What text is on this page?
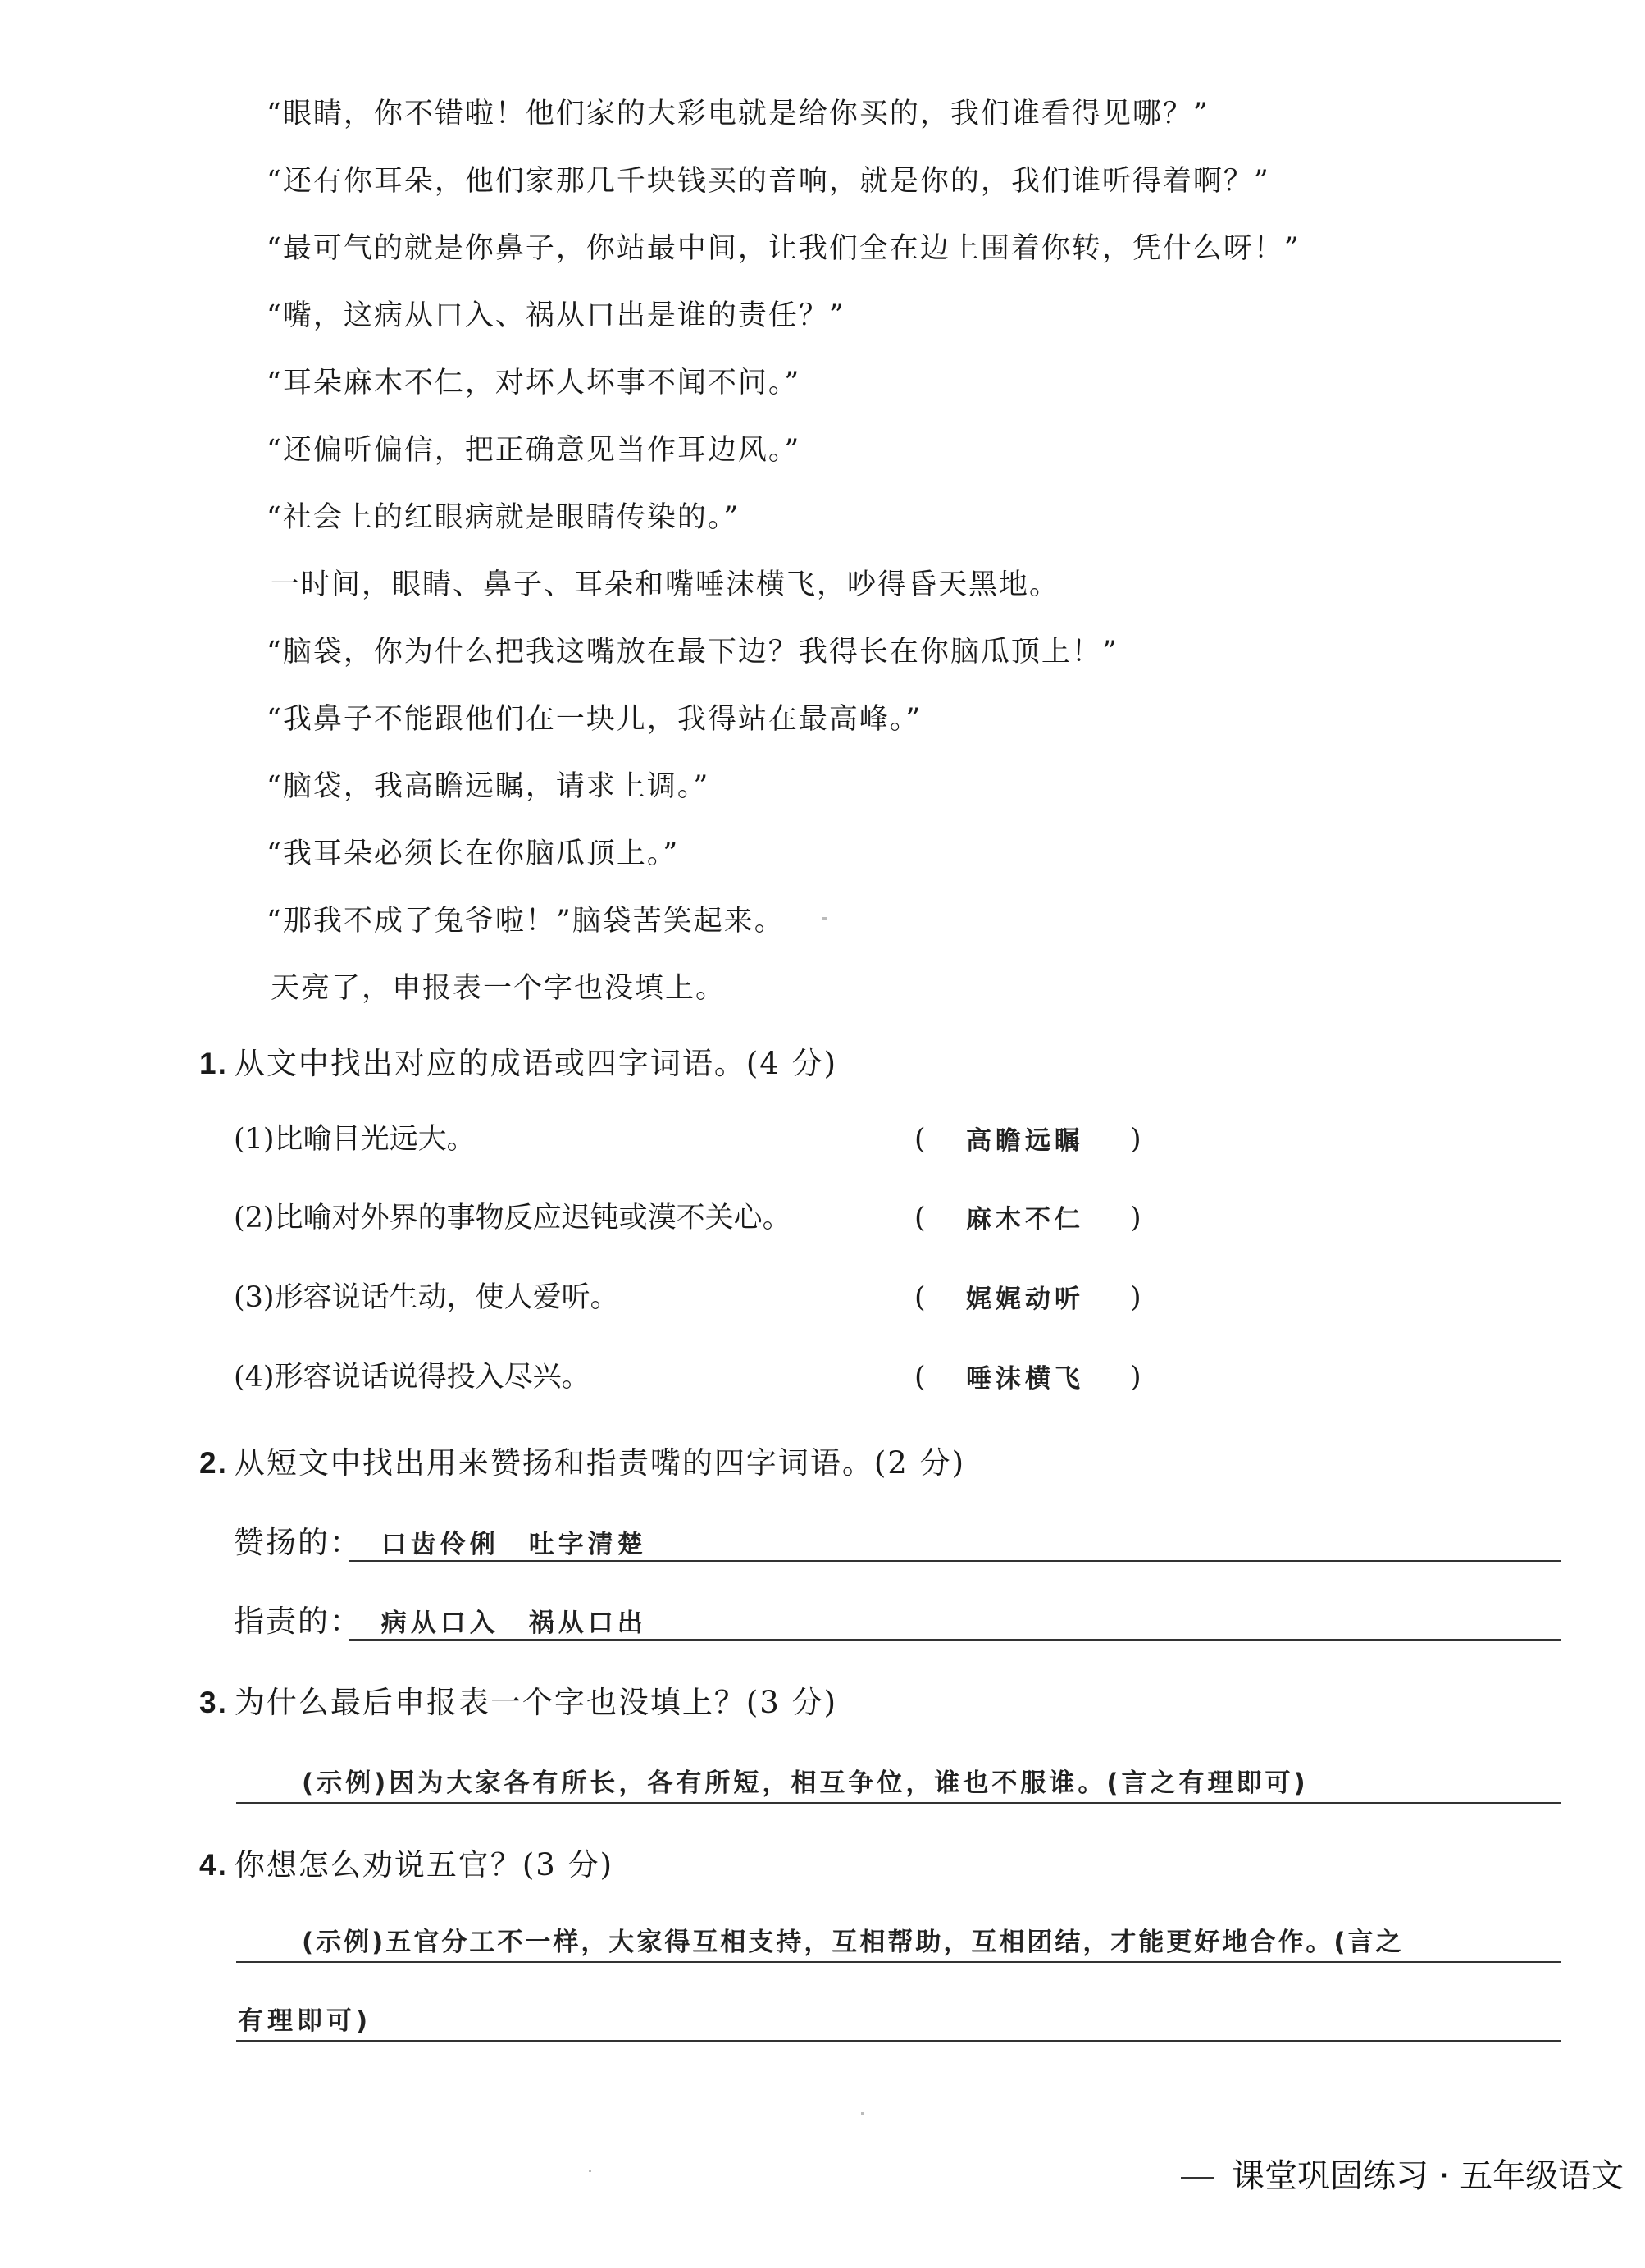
“眼睛，你不错啦！他们家的大彩电就是给你买的，我们谁看得见哪？”
“还有你耳朵，他们家那几千块钱买的音响，就是你的，我们谁听得着啊？”
“最可气的就是你鼻子，你站最中间，让我们全在边上围着你转，凭什么呀！”
“嘴，这病从口入、祸从口出是谁的责任？”
“耳朵麻木不仁，对坏人坏事不闻不问。”
“还偏听偏信，把正确意见当作耳边风。”
“社会上的红眼病就是眼睛传染的。”
一时间，眼睛、鼻子、耳朵和嘴唾沫横飞，吵得昏天黑地。
“脑袋，你为什么把我这嘴放在最下边？我得长在你脑瓜顶上！”
“我鼻子不能跟他们在一块儿，我得站在最高峰。”
“脑袋，我高瞻远瞩，请求上调。”
“我耳朵必须长在你脑瓜顶上。”
“那我不成了兔爷啦！”脑袋苦笑起来。
天亮了，申报表一个字也没填上。
1. 从文中找出对应的成语或四字词语。(4 分)
(1)比喻目光远大。	( 高瞻远瞩 )
(2)比喻对外界的事物反应迟钝或漠不关心。	( 麻木不仁 )
(3)形容说话生动，使人爱听。	( 娓娓动听 )
(4)形容说话说得投入尽兴。	( 唾沫横飞 )
2. 从短文中找出用来赞扬和指责嘴的四字词语。(2 分)
赞扬的： 口齿伶俐　吐字清楚
指责的： 病从口入　祸从口出
3. 为什么最后申报表一个字也没填上？(3 分)
(示例)因为大家各有所长，各有所短，相互争位，谁也不服谁。(言之有理即可)
4. 你想怎么劝说五官？(3 分)
(示例)五官分工不一样，大家得互相支持，互相帮助，互相团结，才能更好地合作。(言之
有理即可)
课堂巩固练习 · 五年级语文
